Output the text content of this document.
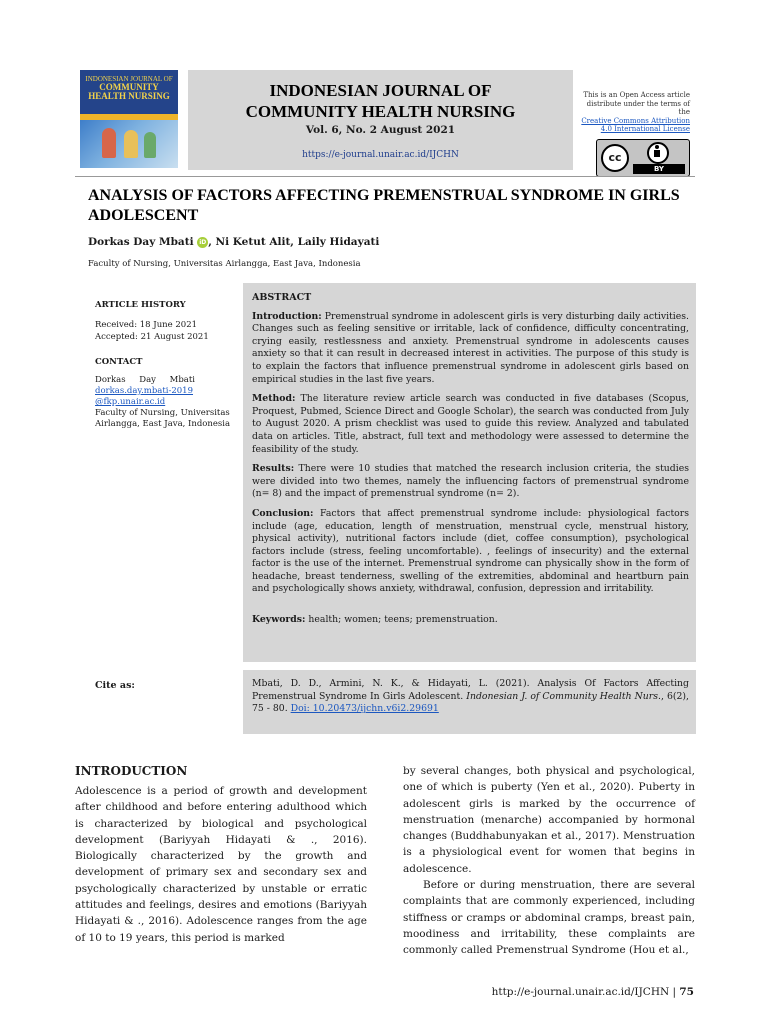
INDONESIAN JOURNAL OF
COMMUNITY HEALTH NURSING	INDONESIAN JOURNAL OF COMMUNITY HEALTH NURSING
Vol. 6, No. 2 August 2021
https://e-journal.unair.ac.id/IJCHN
This is an Open Access article
distribute under the terms of the
Creative Commons Attribution 4.0 International License
cc
BY
ANALYSIS OF FACTORS AFFECTING PREMENSTRUAL SYNDROME IN GIRLS ADOLESCENT
Dorkas Day Mbati iD , Ni Ketut Alit, Laily Hidayati
Faculty of Nursing, Universitas Airlangga, East Java, Indonesia
ARTICLE HISTORY
Received: 18 June 2021
Accepted: 21 August 2021
CONTACT
Dorkas Day Mbati
dorkas.day.mbati-2019@fkp.unair.ac.id
Faculty of Nursing, Universitas Airlangga, East Java, Indonesia
ABSTRACT

Introduction: Premenstrual syndrome in adolescent girls is very disturbing daily activities. Changes such as feeling sensitive or irritable, lack of confidence, difficulty concentrating, crying easily, restlessness and anxiety. Premenstrual syndrome in adolescents causes anxiety so that it can result in decreased interest in activities. The purpose of this study is to explain the factors that influence premenstrual syndrome in adolescent girls based on empirical studies in the last five years.

Method: The literature review article search was conducted in five databases (Scopus, Proquest, Pubmed, Science Direct and Google Scholar), the search was conducted from July to August 2020. A prism checklist was used to guide this review. Analyzed and tabulated data on articles. Title, abstract, full text and methodology were assessed to determine the feasibility of the study.

Results: There were 10 studies that matched the research inclusion criteria, the studies were divided into two themes, namely the influencing factors of premenstrual syndrome (n= 8) and the impact of premenstrual syndrome (n= 2).

Conclusion: Factors that affect premenstrual syndrome include: physiological factors include (age, education, length of menstruation, menstrual cycle, menstrual history, physical activity), nutritional factors include (diet, coffee consumption), psychological factors include (stress, feeling uncomfortable). , feelings of insecurity) and the external factor is the use of the internet. Premenstrual syndrome can physically show in the form of headache, breast tenderness, swelling of the extremities, abdominal and heartburn pain and psychologically shows anxiety, withdrawal, confusion, depression and irritability.

Keywords: health; women; teens; premenstruation.

Cite as:	Mbati, D. D., Armini, N. K., & Hidayati, L. (2021). Analysis Of Factors Affecting Premenstrual Syndrome In Girls Adolescent. Indonesian J. of Community Health Nurs., 6(2), 75 - 80. Doi: 10.20473/ijchn.v6i2.29691
INTRODUCTION

Adolescence is a period of growth and development after childhood and before entering adulthood which is characterized by biological and psychological development (Bariyyah Hidayati & ., 2016). Biologically characterized by the growth and development of primary sex and secondary sex and psychologically characterized by unstable or erratic attitudes and feelings, desires and emotions (Bariyyah Hidayati & ., 2016). Adolescence ranges from the age of 10 to 19 years, this period is marked

by several changes, both physical and psychological, one of which is puberty (Yen et al., 2020). Puberty in adolescent girls is marked by the occurrence of menstruation (menarche) accompanied by hormonal changes (Buddhabunyakan et al., 2017). Menstruation is a physiological event for women that begins in adolescence.

Before or during menstruation, there are several complaints that are commonly experienced, including stiffness or cramps or abdominal cramps, breast pain, moodiness and irritability, these complaints are commonly called Premenstrual Syndrome (Hou et al.,

http://e-journal.unair.ac.id/IJCHN | 75
